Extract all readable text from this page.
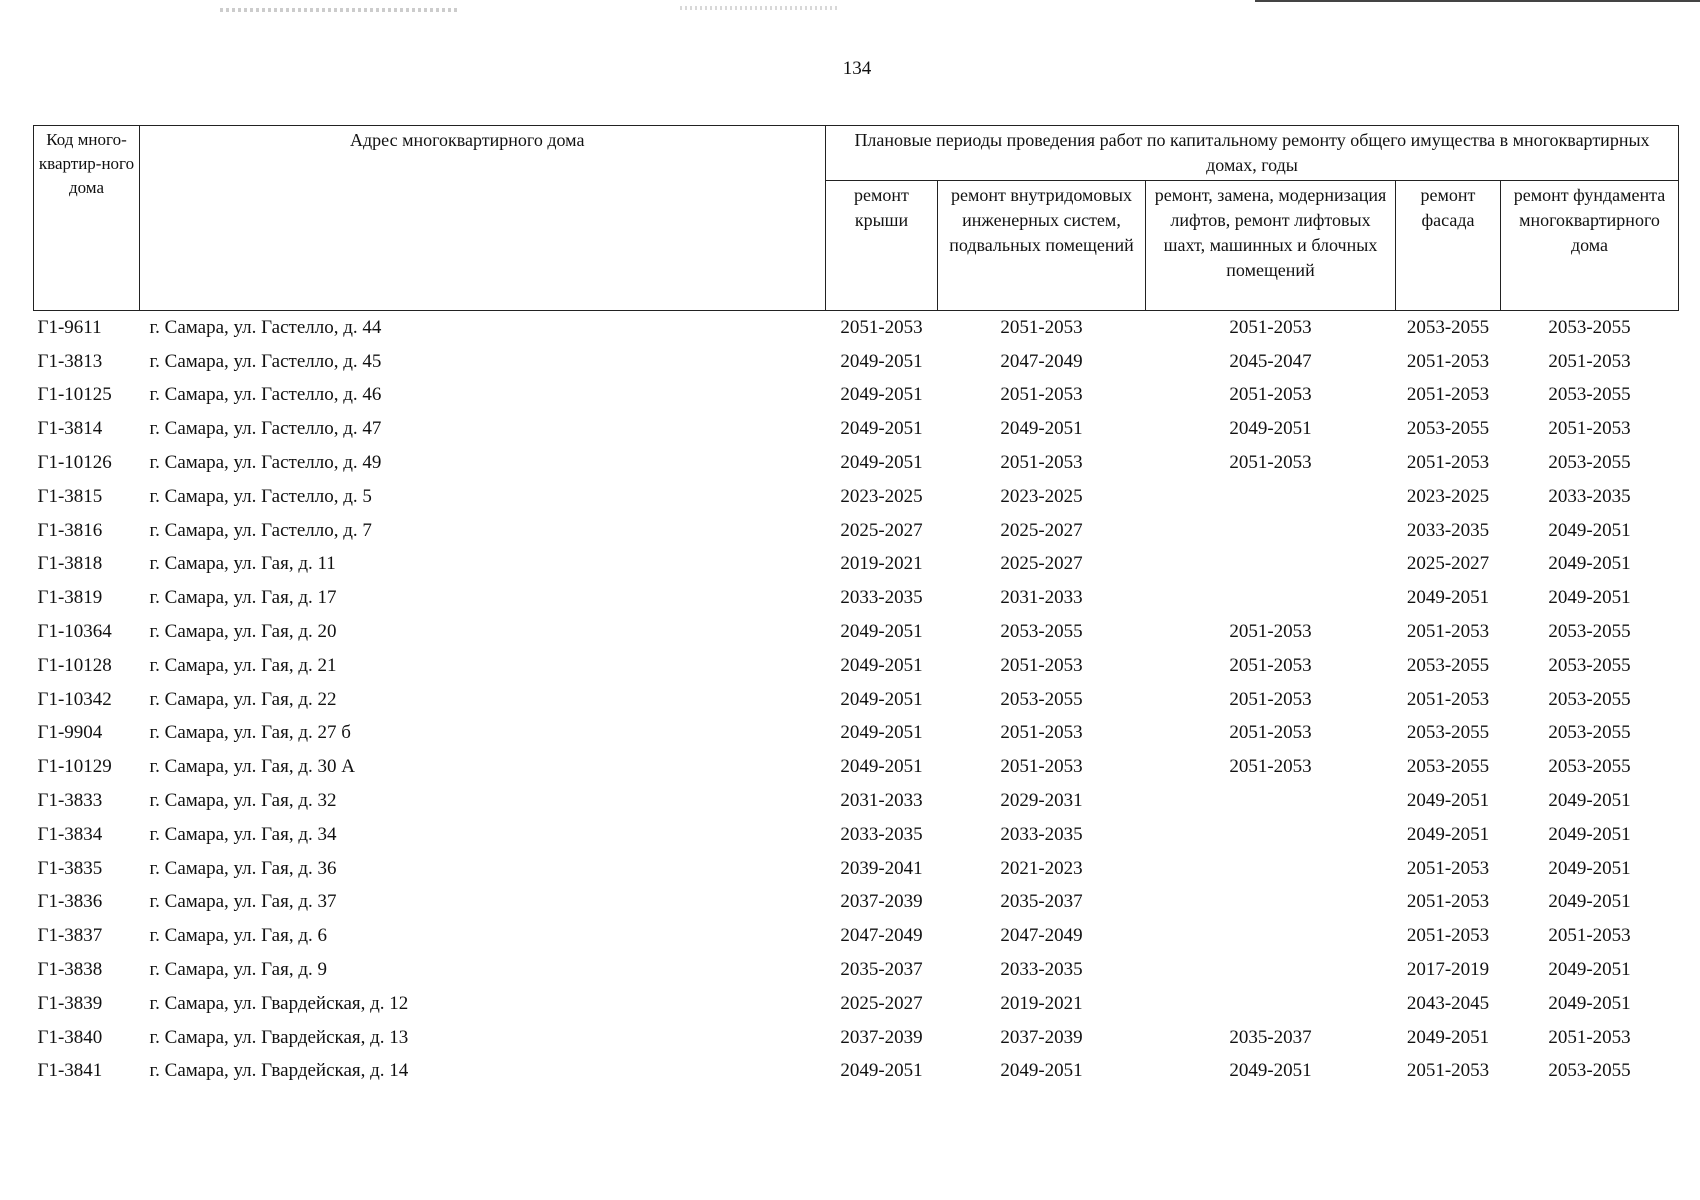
134
Код много-квартир-ного дома	Адрес многоквартирного дома	Плановые периоды проведения работ по капитальному ремонту общего имущества в многоквартирных домах, годы				
		ремонт крыши	ремонт внутридомовых инженерных систем, подвальных помещений	ремонт, замена, модернизация лифтов, ремонт лифтовых шахт, машинных и блочных помещений	ремонт фасада	ремонт фундамента многоквартирного дома
Г1-9611	г. Самара, ул. Гастелло, д. 44	2051-2053	2051-2053	2051-2053	2053-2055	2053-2055
Г1-3813	г. Самара, ул. Гастелло, д. 45	2049-2051	2047-2049	2045-2047	2051-2053	2051-2053
Г1-10125	г. Самара, ул. Гастелло, д. 46	2049-2051	2051-2053	2051-2053	2051-2053	2053-2055
Г1-3814	г. Самара, ул. Гастелло, д. 47	2049-2051	2049-2051	2049-2051	2053-2055	2051-2053
Г1-10126	г. Самара, ул. Гастелло, д. 49	2049-2051	2051-2053	2051-2053	2051-2053	2053-2055
Г1-3815	г. Самара, ул. Гастелло, д. 5	2023-2025	2023-2025		2023-2025	2033-2035
Г1-3816	г. Самара, ул. Гастелло, д. 7	2025-2027	2025-2027		2033-2035	2049-2051
Г1-3818	г. Самара, ул. Гая, д. 11	2019-2021	2025-2027		2025-2027	2049-2051
Г1-3819	г. Самара, ул. Гая, д. 17	2033-2035	2031-2033		2049-2051	2049-2051
Г1-10364	г. Самара, ул. Гая, д. 20	2049-2051	2053-2055	2051-2053	2051-2053	2053-2055
Г1-10128	г. Самара, ул. Гая, д. 21	2049-2051	2051-2053	2051-2053	2053-2055	2053-2055
Г1-10342	г. Самара, ул. Гая, д. 22	2049-2051	2053-2055	2051-2053	2051-2053	2053-2055
Г1-9904	г. Самара, ул. Гая, д. 27 б	2049-2051	2051-2053	2051-2053	2053-2055	2053-2055
Г1-10129	г. Самара, ул. Гая, д. 30 А	2049-2051	2051-2053	2051-2053	2053-2055	2053-2055
Г1-3833	г. Самара, ул. Гая, д. 32	2031-2033	2029-2031		2049-2051	2049-2051
Г1-3834	г. Самара, ул. Гая, д. 34	2033-2035	2033-2035		2049-2051	2049-2051
Г1-3835	г. Самара, ул. Гая, д. 36	2039-2041	2021-2023		2051-2053	2049-2051
Г1-3836	г. Самара, ул. Гая, д. 37	2037-2039	2035-2037		2051-2053	2049-2051
Г1-3837	г. Самара, ул. Гая, д. 6	2047-2049	2047-2049		2051-2053	2051-2053
Г1-3838	г. Самара, ул. Гая, д. 9	2035-2037	2033-2035		2017-2019	2049-2051
Г1-3839	г. Самара, ул. Гвардейская, д. 12	2025-2027	2019-2021		2043-2045	2049-2051
Г1-3840	г. Самара, ул. Гвардейская, д. 13	2037-2039	2037-2039	2035-2037	2049-2051	2051-2053
Г1-3841	г. Самара, ул. Гвардейская, д. 14	2049-2051	2049-2051	2049-2051	2051-2053	2053-2055
